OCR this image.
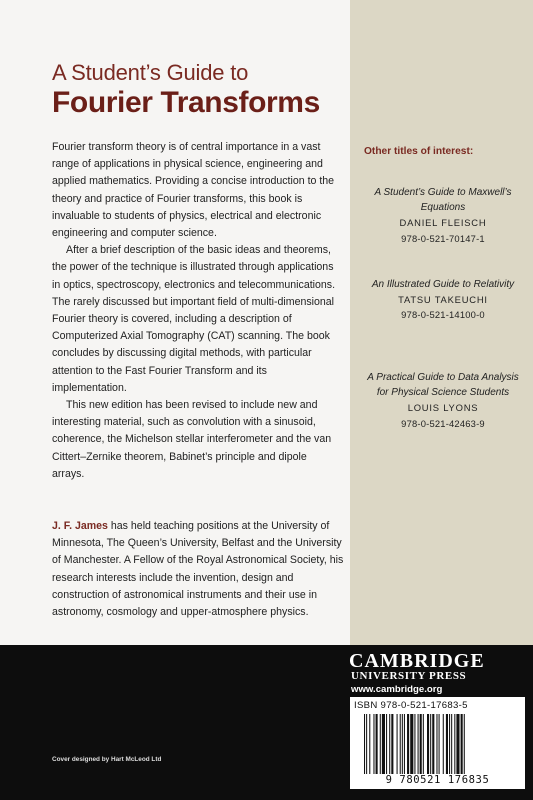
A Student’s Guide to
Fourier Transforms

Fourier transform theory is of central importance in a vast range of applications in physical science, engineering and applied mathematics. Providing a concise introduction to the theory and practice of Fourier transforms, this book is invaluable to students of physics, electrical and electronic engineering and computer science.

After a brief description of the basic ideas and theorems, the power of the technique is illustrated through applications in optics, spectroscopy, electronics and telecommunications. The rarely discussed but important field of multi-dimensional Fourier theory is covered, including a description of Computerized Axial Tomography (CAT) scanning. The book concludes by discussing digital methods, with particular attention to the Fast Fourier Transform and its implementation.

This new edition has been revised to include new and interesting material, such as convolution with a sinusoid, coherence, the Michelson stellar interferometer and the van Cittert–Zernike theorem, Babinet’s principle and dipole arrays.

J. F. James has held teaching positions at the University of Minnesota, The Queen’s University, Belfast and the University of Manchester. A Fellow of the Royal Astronomical Society, his research interests include the invention, design and construction of astronomical instruments and their use in astronomy, cosmology and upper-atmosphere physics.
Other titles of interest:
A Student’s Guide to Maxwell’s Equations
DANIEL FLEISCH
978-0-521-70147-1
An Illustrated Guide to Relativity
TATSU TAKEUCHI
978-0-521-14100-0
A Practical Guide to Data Analysis for Physical Science Students
LOUIS LYONS
978-0-521-42463-9
CAMBRIDGE
UNIVERSITY PRESS
www.cambridge.org
ISBN 978-0-521-17683-5
9 780521 176835
Cover designed by Hart McLeod Ltd
